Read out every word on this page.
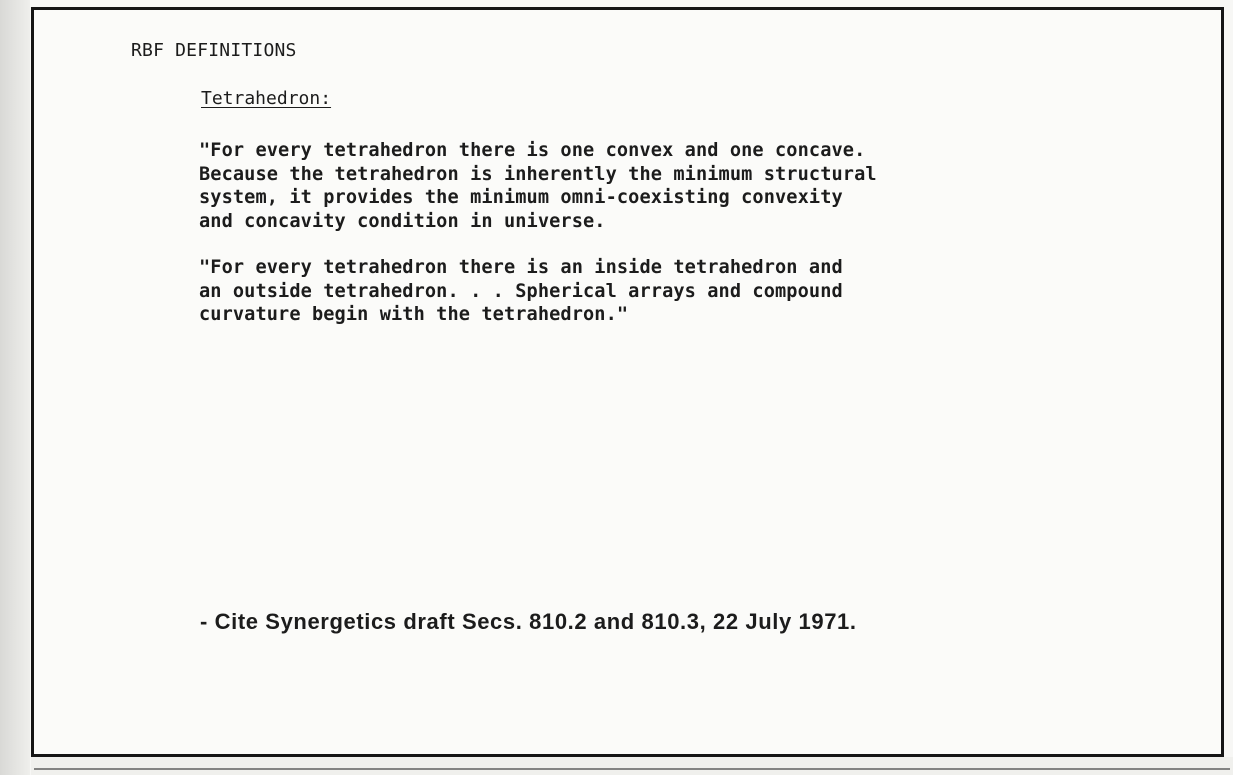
RBF DEFINITIONS
Tetrahedron:

"For every tetrahedron there is one convex and one concave.
Because the tetrahedron is inherently the minimum structural
system, it provides the minimum omni-coexisting convexity
and concavity condition in universe.

"For every tetrahedron there is an inside tetrahedron and
an outside tetrahedron. . . Spherical arrays and compound
curvature begin with the tetrahedron."

- Cite Synergetics draft Secs. 810.2 and 810.3, 22 July 1971.
